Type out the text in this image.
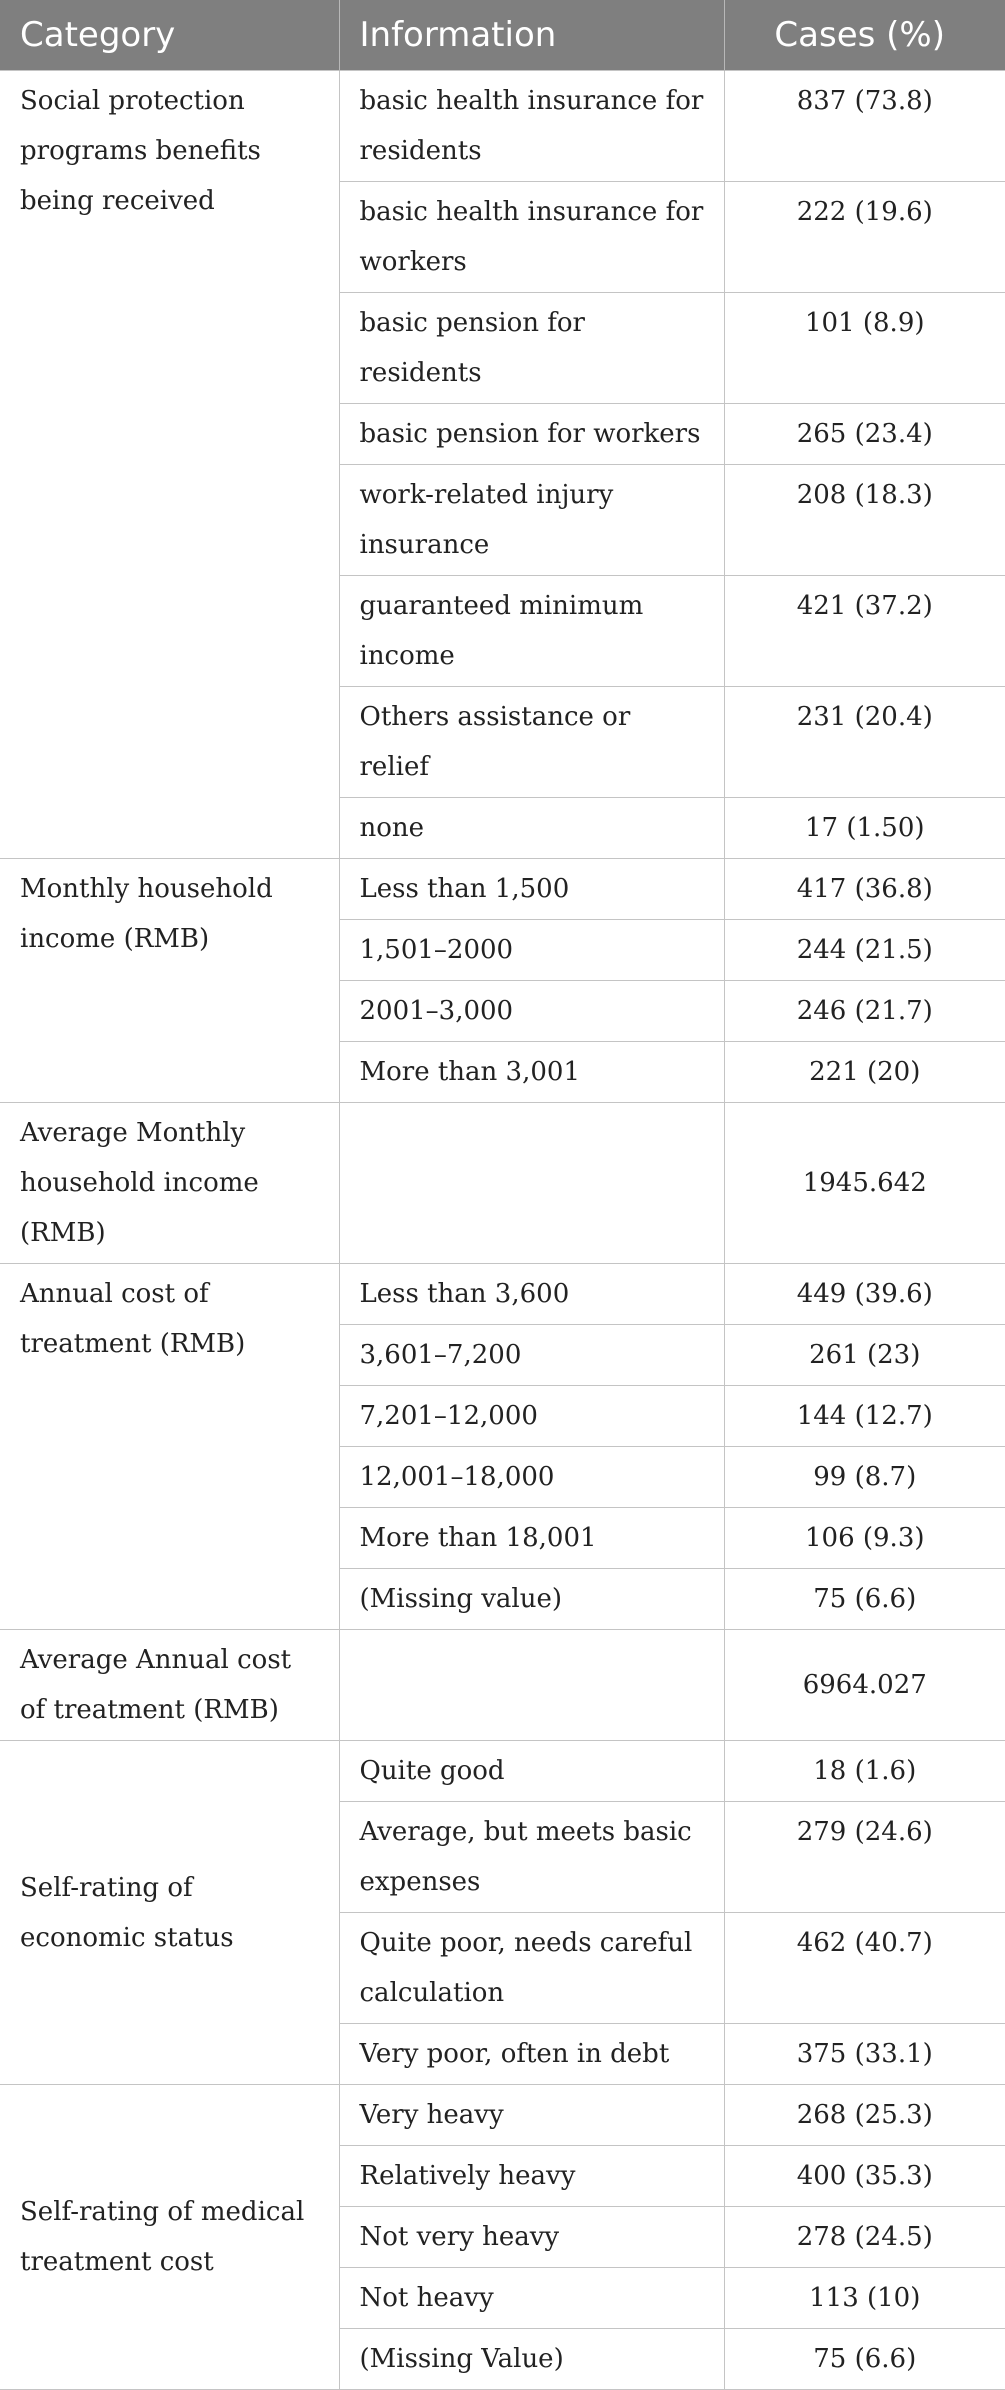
Category	Information	Cases (%)
Social protection programs benefits being received	basic health insurance for residents	837 (73.8)
	basic health insurance for workers	222 (19.6)
	basic pension for residents	101 (8.9)
	basic pension for workers	265 (23.4)
	work-related injury insurance	208 (18.3)
	guaranteed minimum income	421 (37.2)
	Others assistance or relief	231 (20.4)
	none	17 (1.50)
Monthly household income (RMB)	Less than 1,500	417 (36.8)
	1,501–2000	244 (21.5)
	2001–3,000	246 (21.7)
	More than 3,001	221 (20)
Average Monthly household income (RMB)		1945.642
Annual cost of treatment (RMB)	Less than 3,600	449 (39.6)
	3,601–7,200	261 (23)
	7,201–12,000	144 (12.7)
	12,001–18,000	99 (8.7)
	More than 18,001	106 (9.3)
	(Missing value)	75 (6.6)
Average Annual cost of treatment (RMB)		6964.027
Self-rating of economic status	Quite good	18 (1.6)
	Average, but meets basic expenses	279 (24.6)
	Quite poor, needs careful calculation	462 (40.7)
	Very poor, often in debt	375 (33.1)
Self-rating of medical treatment cost	Very heavy	268 (25.3)
	Relatively heavy	400 (35.3)
	Not very heavy	278 (24.5)
	Not heavy	113 (10)
	(Missing Value)	75 (6.6)
